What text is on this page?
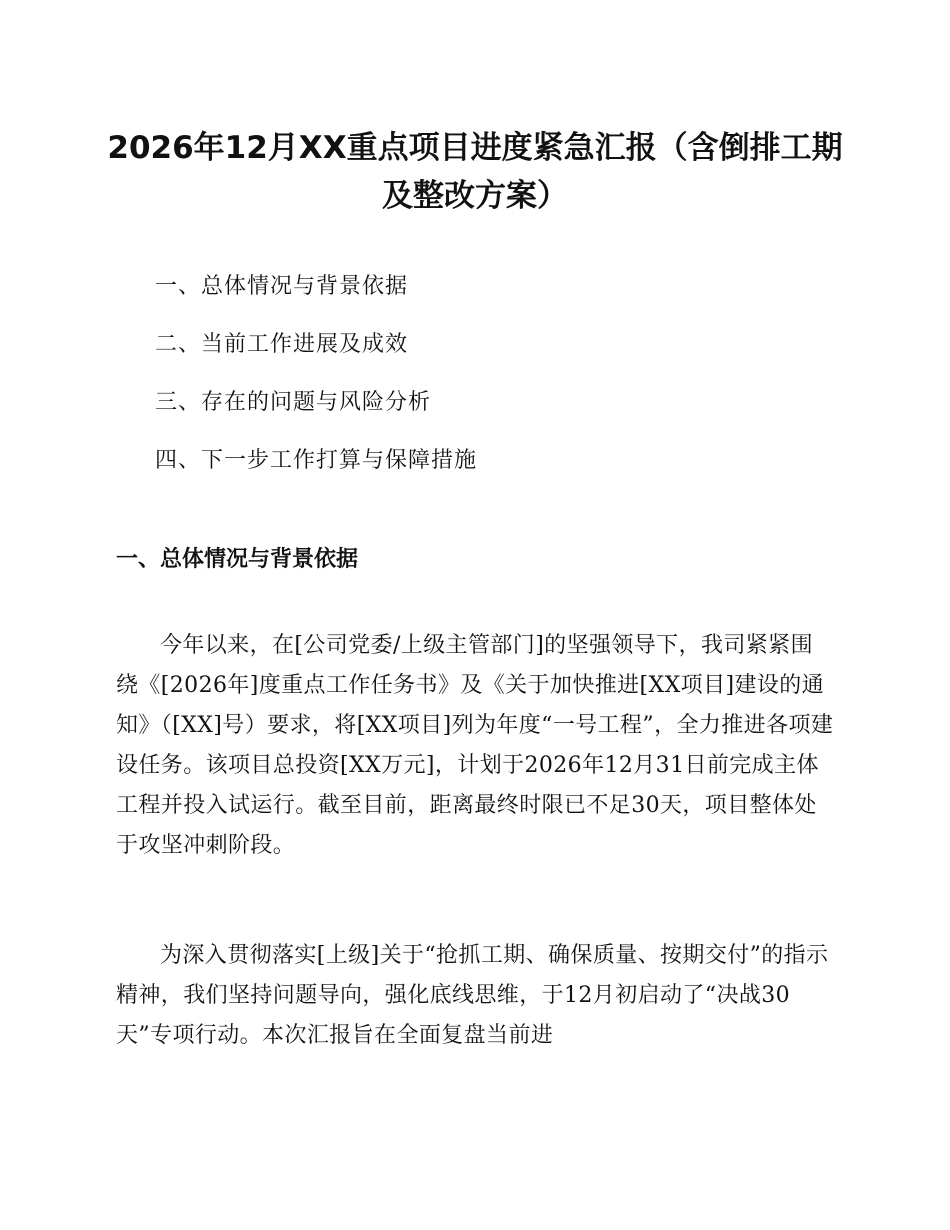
2026年12月XX重点项目进度紧急汇报（含倒排工期及整改方案）
一、总体情况与背景依据
二、当前工作进展及成效
三、存在的问题与风险分析
四、下一步工作打算与保障措施
一、总体情况与背景依据

今年以来，在[公司党委/上级主管部门]的坚强领导下，我司紧紧围绕《[2026年]度重点工作任务书》及《关于加快推进[XX项目]建设的通知》（[XX]号）要求，将[XX项目]列为年度“一号工程”，全力推进各项建设任务。该项目总投资[XX万元]，计划于2026年12月31日前完成主体工程并投入试运行。截至目前，距离最终时限已不足30天，项目整体处于攻坚冲刺阶段。

为深入贯彻落实[上级]关于“抢抓工期、确保质量、按期交付”的指示精神，我们坚持问题导向，强化底线思维，于12月初启动了“决战30天”专项行动。本次汇报旨在全面复盘当前进
